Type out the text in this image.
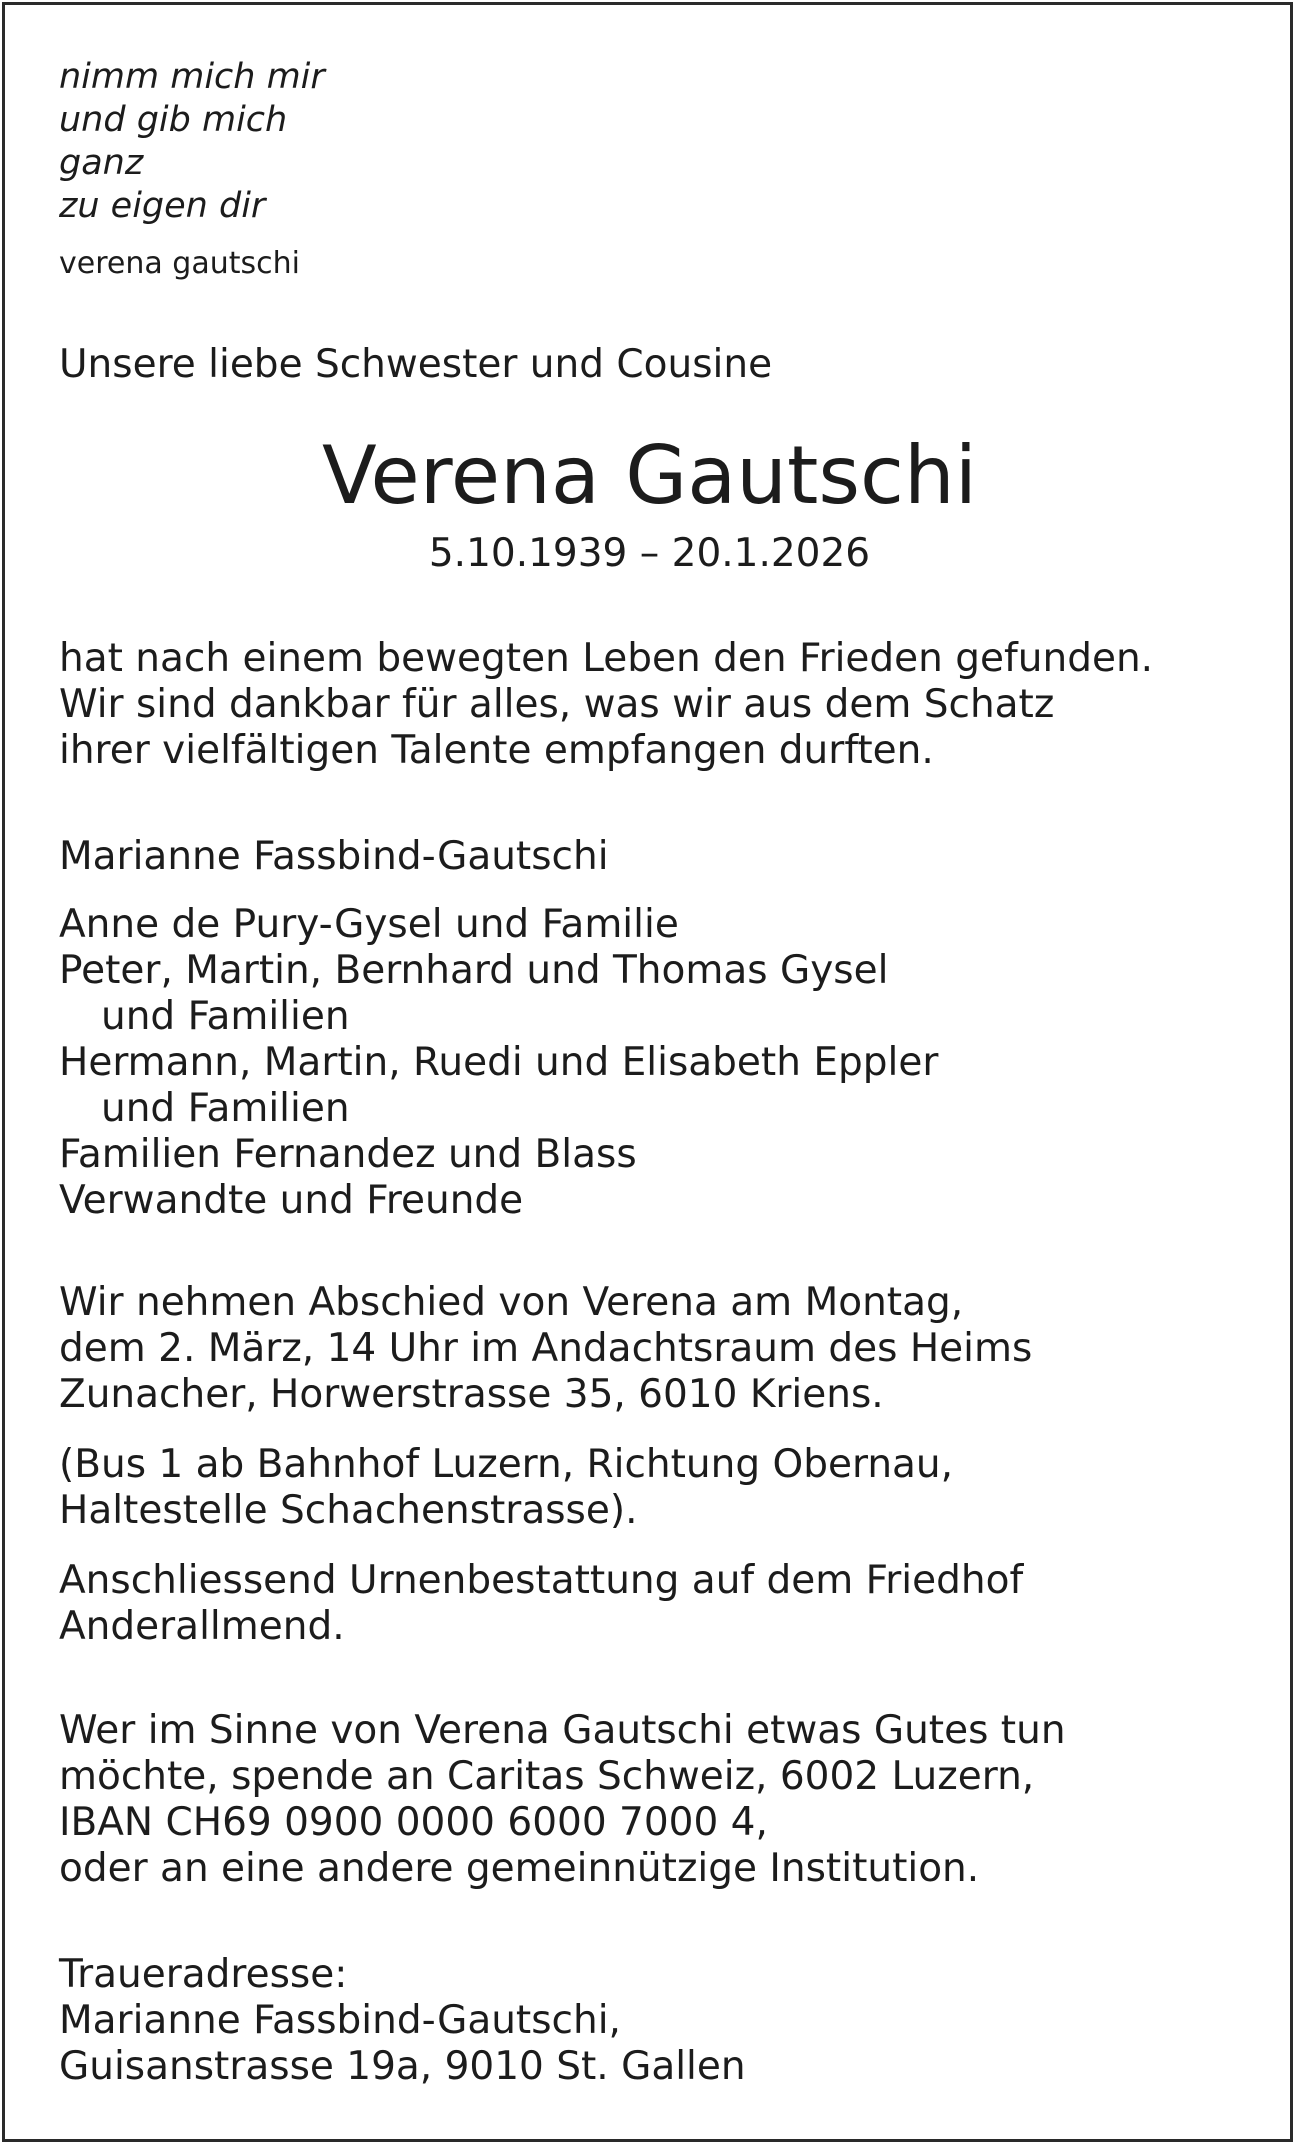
nimm mich mir
und gib mich
ganz
zu eigen dir
verena gautschi
Unsere liebe Schwester und Cousine
Verena Gautschi
5.10.1939 – 20.1.2026
hat nach einem bewegten Leben den Frieden gefunden.
Wir sind dankbar für alles, was wir aus dem Schatz
ihrer vielfältigen Talente empfangen durften.
Marianne Fassbind-Gautschi
Anne de Pury-Gysel und Familie
Peter, Martin, Bernhard und Thomas Gysel
und Familien
Hermann, Martin, Ruedi und Elisabeth Eppler
und Familien
Familien Fernandez und Blass
Verwandte und Freunde
Wir nehmen Abschied von Verena am Montag,
dem 2. März, 14 Uhr im Andachtsraum des Heims
Zunacher, Horwerstrasse 35, 6010 Kriens.
(Bus 1 ab Bahnhof Luzern, Richtung Obernau,
Haltestelle Schachenstrasse).
Anschliessend Urnenbestattung auf dem Friedhof
Anderallmend.
Wer im Sinne von Verena Gautschi etwas Gutes tun
möchte, spende an Caritas Schweiz, 6002 Luzern,
IBAN CH69 0900 0000 6000 7000 4,
oder an eine andere gemeinnützige Institution.
Traueradresse:
Marianne Fassbind-Gautschi,
Guisanstrasse 19a, 9010 St. Gallen
